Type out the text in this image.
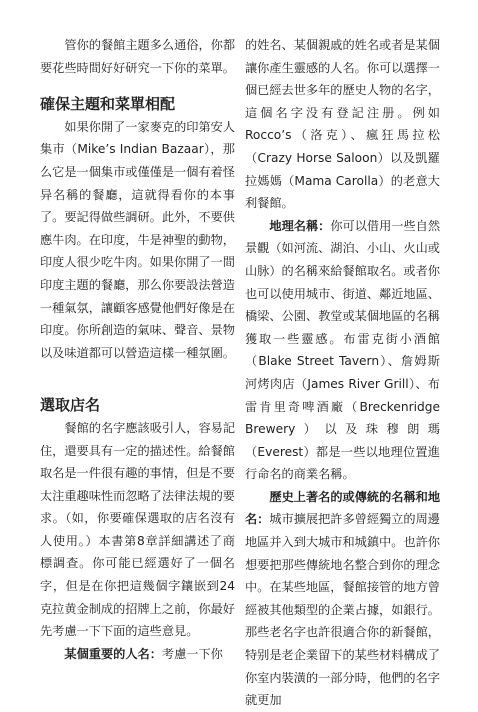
管你的餐館主題多么通俗，你都要花些時間好好研究一下你的菜單。

確保主題和菜單相配

如果你開了一家麥克的印第安人集市（Mike’s Indian Bazaar），那么它是一個集市或僅僅是一個有着怪异名稱的餐廳，這就得看你的本事了。要記得做些調研。此外，不要供應牛肉。在印度，牛是神聖的動物，印度人很少吃牛肉。如果你開了一間印度主題的餐廳，那么你要設法營造一種氣氛，讓顧客感覺他們好像是在印度。你所創造的氣味、聲音、景物以及味道都可以營造這樣一種氛圍。

選取店名

餐館的名字應該吸引人，容易記住，還要具有一定的描述性。給餐館取名是一件很有趣的事情，但是不要太注重趣味性而忽略了法律法規的要求。（如，你要確保選取的店名沒有人使用。）本書第8章詳細講述了商標調查。你可能已經選好了一個名字，但是在你把這幾個字鑲嵌到24克拉黄金制成的招牌上之前，你最好先考慮一下下面的這些意見。

某個重要的人名：考慮一下你

的姓名、某個親戚的姓名或者是某個讓你產生靈感的人名。你可以選擇一個已經去世多年的歷史人物的名字，這個名字没有登記注册。例如Rocco’s（洛克）、瘋狂馬拉松（Crazy Horse Saloon）以及凱羅拉媽媽（Mama Carolla）的老意大利餐館。

地理名稱：你可以借用一些自然景觀（如河流、湖泊、小山、火山或山脉）的名稱來給餐館取名。或者你也可以使用城市、街道、鄰近地區、橋梁、公園、教堂或某個地區的名稱獲取一些靈感。布雷克街小酒館（Blake Street Tavern）、詹姆斯河烤肉店（James River Grill）、布雷肯里奇啤酒廠（Breckenridge Brewery）以及珠穆朗瑪（Everest）都是一些以地理位置進行命名的商業名稱。

歷史上著名的或傳統的名稱和地名：城市擴展把許多曾經獨立的周邊地區并入到大城市和城鎮中。也許你想要把那些傳統地名整合到你的理念中。在某些地區，餐館接管的地方曾經被其他類型的企業占據，如銀行。那些老名字也許很適合你的新餐館，特别是老企業留下的某些材料構成了你室内裝潢的一部分時，他們的名字就更加
